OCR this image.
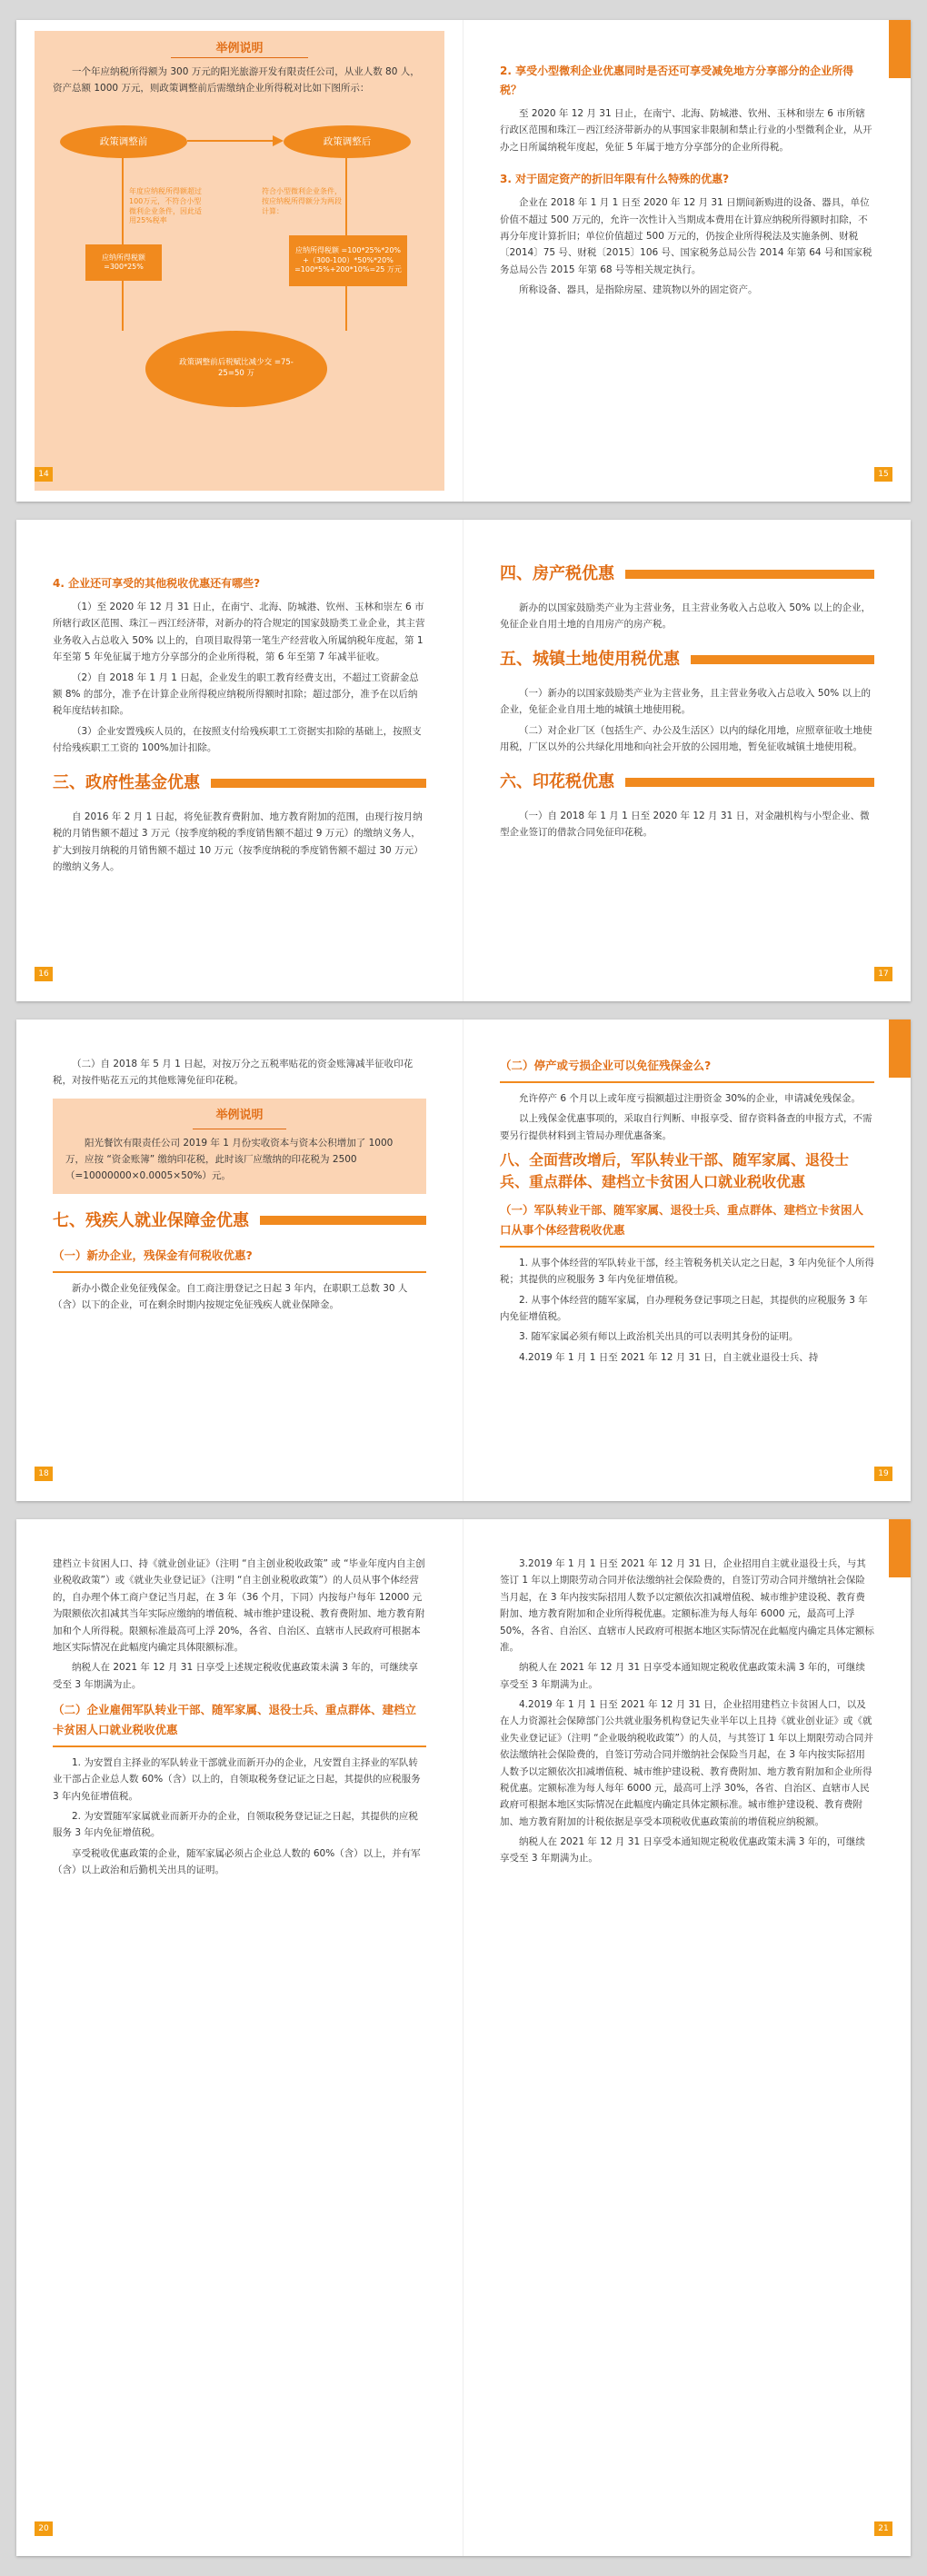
举例说明
一个年应纳税所得额为 300 万元的阳光旅游开发有限责任公司，从业人数 80 人，资产总额 1000 万元，则政策调整前后需缴纳企业所得税对比如下图所示：
政策调整前	政策调整后
年度应纳税所得额超过100万元，不符合小型微利企业条件，因此适用25%税率
符合小型微利企业条件，按应纳税所得额分为两段计算：
应纳所得税额 =300*25%
应纳所得税额 =100*25%*20% +（300-100）*50%*20% =100*5%+200*10%=25 万元
政策调整前后税赋比减少交 =75-25=50 万
14
2. 享受小型微利企业优惠同时是否还可享受减免地方分享部分的企业所得税？

至 2020 年 12 月 31 日止，在南宁、北海、防城港、钦州、玉林和崇左 6 市所辖行政区范围和珠江－西江经济带新办的从事国家非限制和禁止行业的小型微利企业，从开办之日所属纳税年度起，免征 5 年属于地方分享部分的企业所得税。

3. 对于固定资产的折旧年限有什么特殊的优惠?

企业在 2018 年 1 月 1 日至 2020 年 12 月 31 日期间新购进的设备、器具，单位价值不超过 500 万元的，允许一次性计入当期成本费用在计算应纳税所得额时扣除，不再分年度计算折旧；单位价值超过 500 万元的，仍按企业所得税法及实施条例、财税〔2014〕75 号、财税〔2015〕106 号、国家税务总局公告 2014 年第 64 号和国家税务总局公告 2015 年第 68 号等相关规定执行。

所称设备、器具，是指除房屋、建筑物以外的固定资产。

15
4. 企业还可享受的其他税收优惠还有哪些?

（1）至 2020 年 12 月 31 日止，在南宁、北海、防城港、钦州、玉林和崇左 6 市所辖行政区范围、珠江－西江经济带，对新办的符合规定的国家鼓励类工业企业，其主营业务收入占总收入 50% 以上的，自项目取得第一笔生产经营收入所属纳税年度起，第 1 年至第 5 年免征属于地方分享部分的企业所得税，第 6 年至第 7 年减半征收。

（2）自 2018 年 1 月 1 日起，企业发生的职工教育经费支出，不超过工资薪金总额 8% 的部分，准予在计算企业所得税应纳税所得额时扣除；超过部分，准予在以后纳税年度结转扣除。

（3）企业安置残疾人员的，在按照支付给残疾职工工资据实扣除的基础上，按照支付给残疾职工工资的 100%加计扣除。

三、政府性基金优惠

自 2016 年 2 月 1 日起，将免征教育费附加、地方教育附加的范围，由现行按月纳税的月销售额不超过 3 万元（按季度纳税的季度销售额不超过 9 万元）的缴纳义务人，扩大到按月纳税的月销售额不超过 10 万元（按季度纳税的季度销售额不超过 30 万元）的缴纳义务人。

16
四、房产税优惠

新办的以国家鼓励类产业为主营业务，且主营业务收入占总收入 50% 以上的企业，免征企业自用土地的自用房产的房产税。

五、城镇土地使用税优惠

（一）新办的以国家鼓励类产业为主营业务，且主营业务收入占总收入 50% 以上的企业，免征企业自用土地的城镇土地使用税。

（二）对企业厂区（包括生产、办公及生活区）以内的绿化用地，应照章征收土地使用税，厂区以外的公共绿化用地和向社会开放的公园用地，暂免征收城镇土地使用税。

六、印花税优惠

（一）自 2018 年 1 月 1 日至 2020 年 12 月 31 日，对金融机构与小型企业、微型企业签订的借款合同免征印花税。

17

（二）自 2018 年 5 月 1 日起，对按万分之五税率贴花的资金账簿减半征收印花税，对按件贴花五元的其他账簿免征印花税。

举例说明
阳光餐饮有限责任公司 2019 年 1 月份实收资本与资本公积增加了 1000 万，应按 “资金账簿” 缴纳印花税，此时该厂应缴纳的印花税为 2500（=10000000×0.0005×50%）元。
七、残疾人就业保障金优惠
（一）新办企业，残保金有何税收优惠?

新办小微企业免征残保金。自工商注册登记之日起 3 年内，在职职工总数 30 人（含）以下的企业，可在剩余时期内按规定免征残疾人就业保障金。

18
（二）停产或亏损企业可以免征残保金么?

允许停产 6 个月以上或年度亏损额超过注册资金 30%的企业，申请减免残保金。

以上残保金优惠事项的，采取自行判断、申报享受、留存资料备查的申报方式，不需要另行提供材料到主管局办理优惠备案。

八、全面营改增后，军队转业干部、随军家属、退役士兵、重点群体、建档立卡贫困人口就业税收优惠
（一）军队转业干部、随军家属、退役士兵、重点群体、建档立卡贫困人口从事个体经营税收优惠

1. 从事个体经营的军队转业干部，经主管税务机关认定之日起，3 年内免征个人所得税；其提供的应税服务 3 年内免征增值税。

2. 从事个体经营的随军家属，自办理税务登记事项之日起，其提供的应税服务 3 年内免征增值税。

3. 随军家属必须有师以上政治机关出具的可以表明其身份的证明。

4.2019 年 1 月 1 日至 2021 年 12 月 31 日，自主就业退役士兵、持

19

建档立卡贫困人口、持《就业创业证》（注明 “自主创业税收政策” 或 “毕业年度内自主创业税收政策”）或《就业失业登记证》（注明 “自主创业税收政策”）的人员从事个体经营的，自办理个体工商户登记当月起，在 3 年（36 个月，下同）内按每户每年 12000 元为限额依次扣减其当年实际应缴纳的增值税、城市维护建设税、教育费附加、地方教育附加和个人所得税。限额标准最高可上浮 20%，各省、自治区、直辖市人民政府可根据本地区实际情况在此幅度内确定具体限额标准。

纳税人在 2021 年 12 月 31 日享受上述规定税收优惠政策未满 3 年的，可继续享受至 3 年期满为止。

（二）企业雇佣军队转业干部、随军家属、退役士兵、重点群体、建档立卡贫困人口就业税收优惠

1. 为安置自主择业的军队转业干部就业而新开办的企业，凡安置自主择业的军队转业干部占企业总人数 60%（含）以上的，自领取税务登记证之日起，其提供的应税服务 3 年内免征增值税。

2. 为安置随军家属就业而新开办的企业，自领取税务登记证之日起，其提供的应税服务 3 年内免征增值税。

享受税收优惠政策的企业，随军家属必须占企业总人数的 60%（含）以上，并有军（含）以上政治和后勤机关出具的证明。

20

3.2019 年 1 月 1 日至 2021 年 12 月 31 日，企业招用自主就业退役士兵，与其签订 1 年以上期限劳动合同并依法缴纳社会保险费的，自签订劳动合同并缴纳社会保险当月起，在 3 年内按实际招用人数予以定额依次扣减增值税、城市维护建设税、教育费附加、地方教育附加和企业所得税优惠。定额标准为每人每年 6000 元，最高可上浮 50%，各省、自治区、直辖市人民政府可根据本地区实际情况在此幅度内确定具体定额标准。

纳税人在 2021 年 12 月 31 日享受本通知规定税收优惠政策未满 3 年的，可继续享受至 3 年期满为止。

4.2019 年 1 月 1 日至 2021 年 12 月 31 日，企业招用建档立卡贫困人口，以及在人力资源社会保障部门公共就业服务机构登记失业半年以上且持《就业创业证》或《就业失业登记证》（注明 “企业吸纳税收政策”）的人员，与其签订 1 年以上期限劳动合同并依法缴纳社会保险费的，自签订劳动合同并缴纳社会保险当月起，在 3 年内按实际招用人数予以定额依次扣减增值税、城市维护建设税、教育费附加、地方教育附加和企业所得税优惠。定额标准为每人每年 6000 元，最高可上浮 30%，各省、自治区、直辖市人民政府可根据本地区实际情况在此幅度内确定具体定额标准。城市维护建设税、教育费附加、地方教育附加的计税依据是享受本项税收优惠政策前的增值税应纳税额。

纳税人在 2021 年 12 月 31 日享受本通知规定税收优惠政策未满 3 年的，可继续享受至 3 年期满为止。

21
